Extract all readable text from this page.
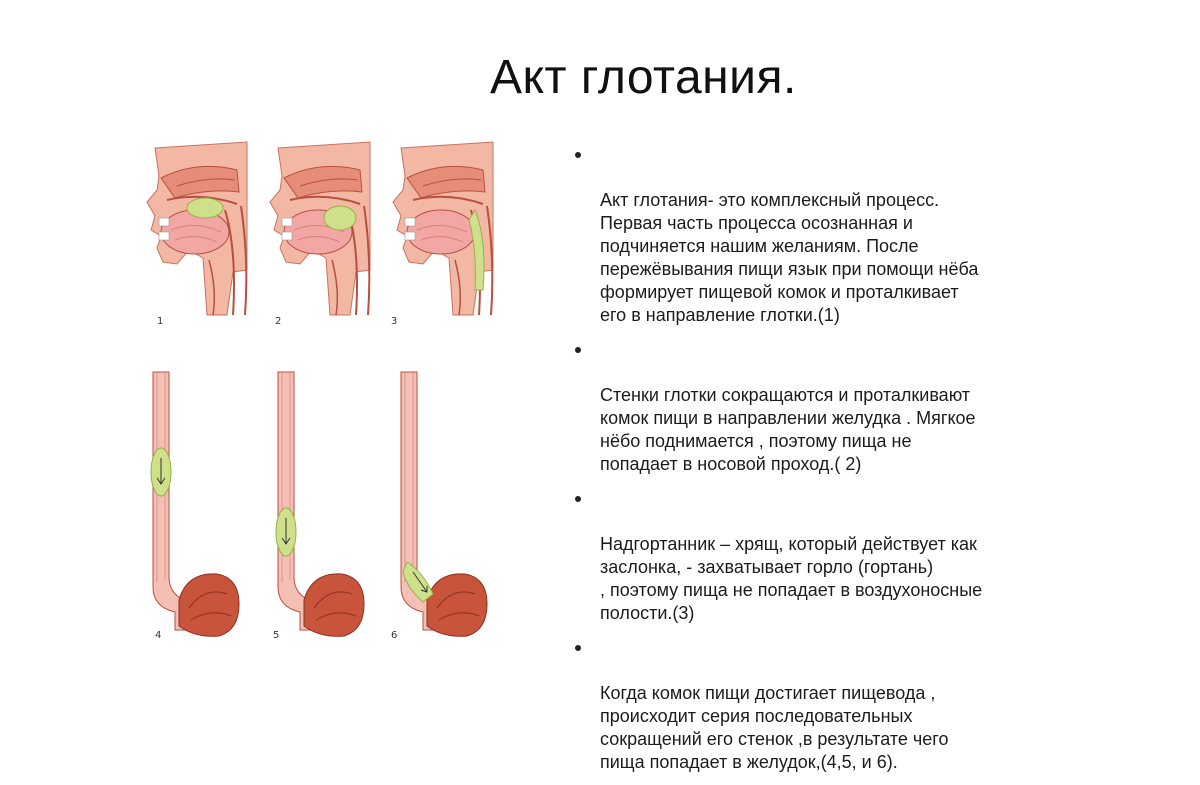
Акт глотания.
1	2	3
4	5	6

Акт глотания- это комплексный процесс.
Первая часть процесса осознанная и
подчиняется нашим желаниям. После
пережёвывания пищи язык при помощи нёба
формирует пищевой комок и проталкивает
его в направление глотки.(1)

Стенки глотки сокращаются и проталкивают
комок пищи в направлении желудка . Мягкое
нёбо поднимается , поэтому пища не
попадает в носовой проход.( 2)

Надгортанник – хрящ, который действует как
заслонка, - захватывает горло (гортань)
, поэтому пища не попадает в воздухоносные
полости.(3)

Когда комок пищи достигает пищевода ,
происходит серия последовательных
сокращений его стенок ,в результате чего
пища попадает в желудок,(4,5, и 6).
